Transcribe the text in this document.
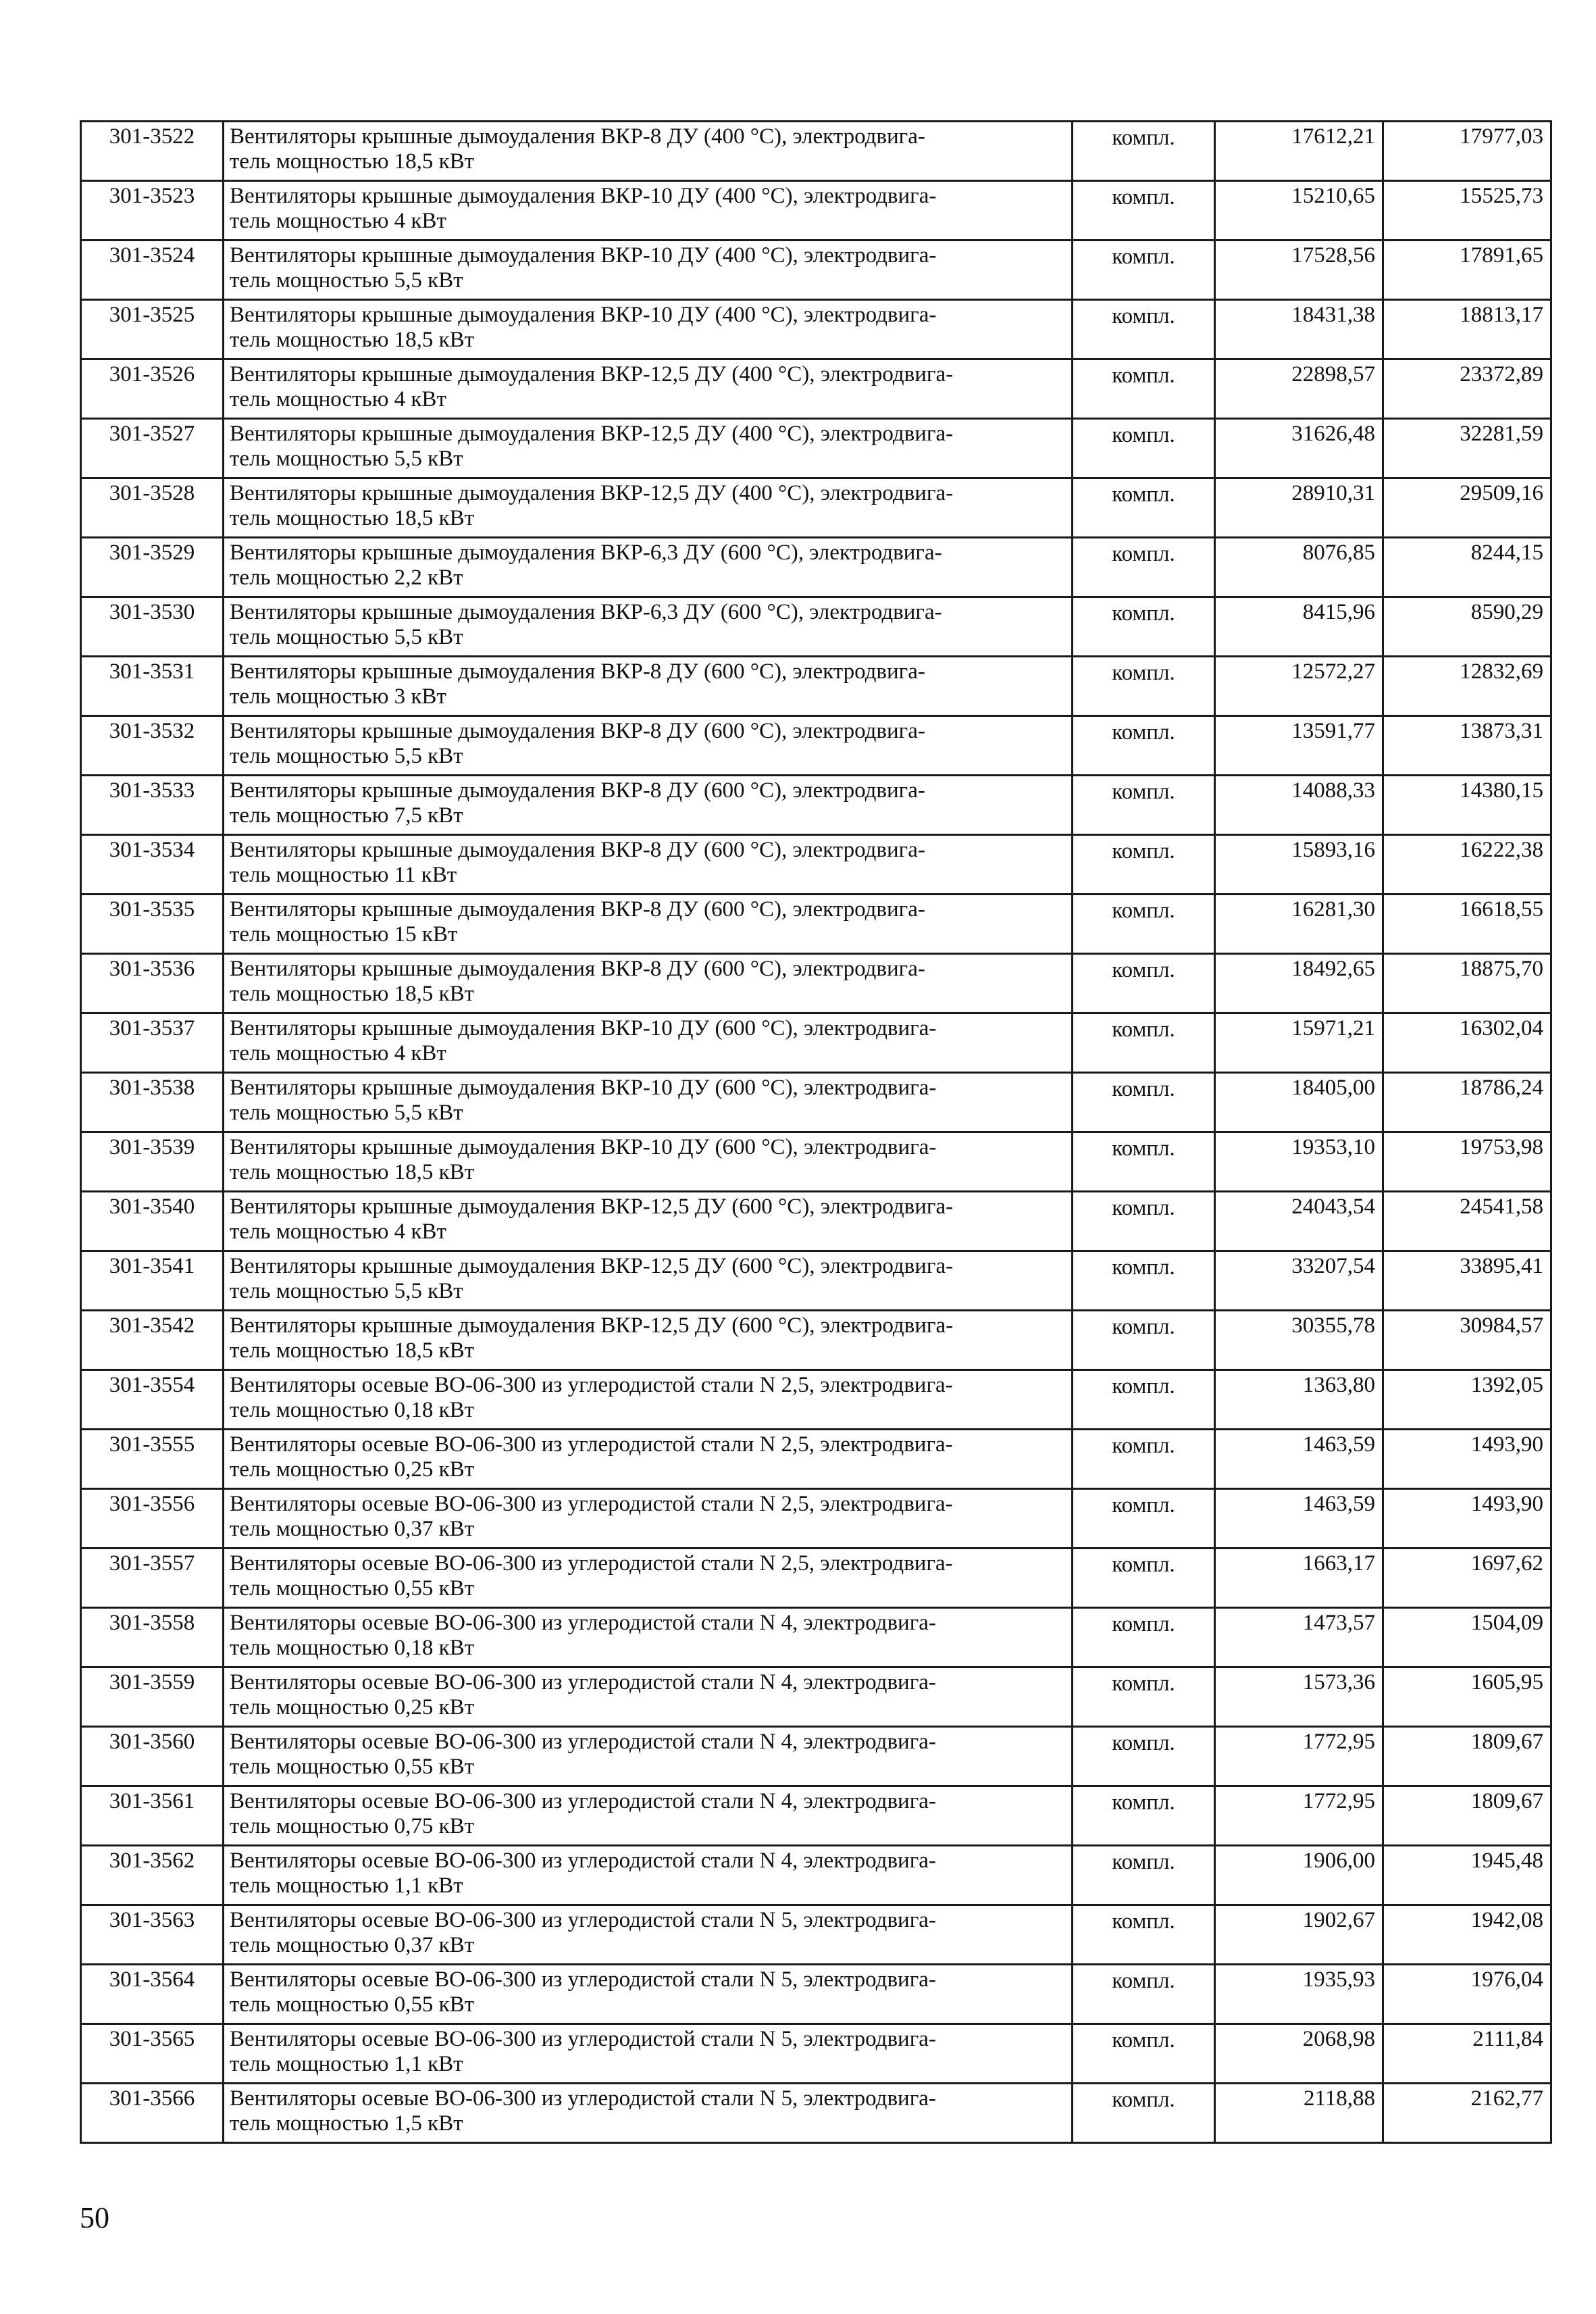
301-3522	Вентиляторы крышные дымоудаления ВКР-8 ДУ (400 °С), электродвига-
тель мощностью 18,5 кВт	компл.	17612,21	17977,03
301-3523	Вентиляторы крышные дымоудаления ВКР-10 ДУ (400 °С), электродвига-
тель мощностью 4 кВт	компл.	15210,65	15525,73
301-3524	Вентиляторы крышные дымоудаления ВКР-10 ДУ (400 °С), электродвига-
тель мощностью 5,5 кВт	компл.	17528,56	17891,65
301-3525	Вентиляторы крышные дымоудаления ВКР-10 ДУ (400 °С), электродвига-
тель мощностью 18,5 кВт	компл.	18431,38	18813,17
301-3526	Вентиляторы крышные дымоудаления ВКР-12,5 ДУ (400 °С), электродвига-
тель мощностью 4 кВт	компл.	22898,57	23372,89
301-3527	Вентиляторы крышные дымоудаления ВКР-12,5 ДУ (400 °С), электродвига-
тель мощностью 5,5 кВт	компл.	31626,48	32281,59
301-3528	Вентиляторы крышные дымоудаления ВКР-12,5 ДУ (400 °С), электродвига-
тель мощностью 18,5 кВт	компл.	28910,31	29509,16
301-3529	Вентиляторы крышные дымоудаления ВКР-6,3 ДУ (600 °С), электродвига-
тель мощностью 2,2 кВт	компл.	8076,85	8244,15
301-3530	Вентиляторы крышные дымоудаления ВКР-6,3 ДУ (600 °С), электродвига-
тель мощностью 5,5 кВт	компл.	8415,96	8590,29
301-3531	Вентиляторы крышные дымоудаления ВКР-8 ДУ (600 °С), электродвига-
тель мощностью 3 кВт	компл.	12572,27	12832,69
301-3532	Вентиляторы крышные дымоудаления ВКР-8 ДУ (600 °С), электродвига-
тель мощностью 5,5 кВт	компл.	13591,77	13873,31
301-3533	Вентиляторы крышные дымоудаления ВКР-8 ДУ (600 °С), электродвига-
тель мощностью 7,5 кВт	компл.	14088,33	14380,15
301-3534	Вентиляторы крышные дымоудаления ВКР-8 ДУ (600 °С), электродвига-
тель мощностью 11 кВт	компл.	15893,16	16222,38
301-3535	Вентиляторы крышные дымоудаления ВКР-8 ДУ (600 °С), электродвига-
тель мощностью 15 кВт	компл.	16281,30	16618,55
301-3536	Вентиляторы крышные дымоудаления ВКР-8 ДУ (600 °С), электродвига-
тель мощностью 18,5 кВт	компл.	18492,65	18875,70
301-3537	Вентиляторы крышные дымоудаления ВКР-10 ДУ (600 °С), электродвига-
тель мощностью 4 кВт	компл.	15971,21	16302,04
301-3538	Вентиляторы крышные дымоудаления ВКР-10 ДУ (600 °С), электродвига-
тель мощностью 5,5 кВт	компл.	18405,00	18786,24
301-3539	Вентиляторы крышные дымоудаления ВКР-10 ДУ (600 °С), электродвига-
тель мощностью 18,5 кВт	компл.	19353,10	19753,98
301-3540	Вентиляторы крышные дымоудаления ВКР-12,5 ДУ (600 °С), электродвига-
тель мощностью 4 кВт	компл.	24043,54	24541,58
301-3541	Вентиляторы крышные дымоудаления ВКР-12,5 ДУ (600 °С), электродвига-
тель мощностью 5,5 кВт	компл.	33207,54	33895,41
301-3542	Вентиляторы крышные дымоудаления ВКР-12,5 ДУ (600 °С), электродвига-
тель мощностью 18,5 кВт	компл.	30355,78	30984,57
301-3554	Вентиляторы осевые ВО-06-300 из углеродистой стали N 2,5, электродвига-
тель мощностью 0,18 кВт	компл.	1363,80	1392,05
301-3555	Вентиляторы осевые ВО-06-300 из углеродистой стали N 2,5, электродвига-
тель мощностью 0,25 кВт	компл.	1463,59	1493,90
301-3556	Вентиляторы осевые ВО-06-300 из углеродистой стали N 2,5, электродвига-
тель мощностью 0,37 кВт	компл.	1463,59	1493,90
301-3557	Вентиляторы осевые ВО-06-300 из углеродистой стали N 2,5, электродвига-
тель мощностью 0,55 кВт	компл.	1663,17	1697,62
301-3558	Вентиляторы осевые ВО-06-300 из углеродистой стали N 4, электродвига-
тель мощностью 0,18 кВт	компл.	1473,57	1504,09
301-3559	Вентиляторы осевые ВО-06-300 из углеродистой стали N 4, электродвига-
тель мощностью 0,25 кВт	компл.	1573,36	1605,95
301-3560	Вентиляторы осевые ВО-06-300 из углеродистой стали N 4, электродвига-
тель мощностью 0,55 кВт	компл.	1772,95	1809,67
301-3561	Вентиляторы осевые ВО-06-300 из углеродистой стали N 4, электродвига-
тель мощностью 0,75 кВт	компл.	1772,95	1809,67
301-3562	Вентиляторы осевые ВО-06-300 из углеродистой стали N 4, электродвига-
тель мощностью 1,1 кВт	компл.	1906,00	1945,48
301-3563	Вентиляторы осевые ВО-06-300 из углеродистой стали N 5, электродвига-
тель мощностью 0,37 кВт	компл.	1902,67	1942,08
301-3564	Вентиляторы осевые ВО-06-300 из углеродистой стали N 5, электродвига-
тель мощностью 0,55 кВт	компл.	1935,93	1976,04
301-3565	Вентиляторы осевые ВО-06-300 из углеродистой стали N 5, электродвига-
тель мощностью 1,1 кВт	компл.	2068,98	2111,84
301-3566	Вентиляторы осевые ВО-06-300 из углеродистой стали N 5, электродвига-
тель мощностью 1,5 кВт	компл.	2118,88	2162,77
50
